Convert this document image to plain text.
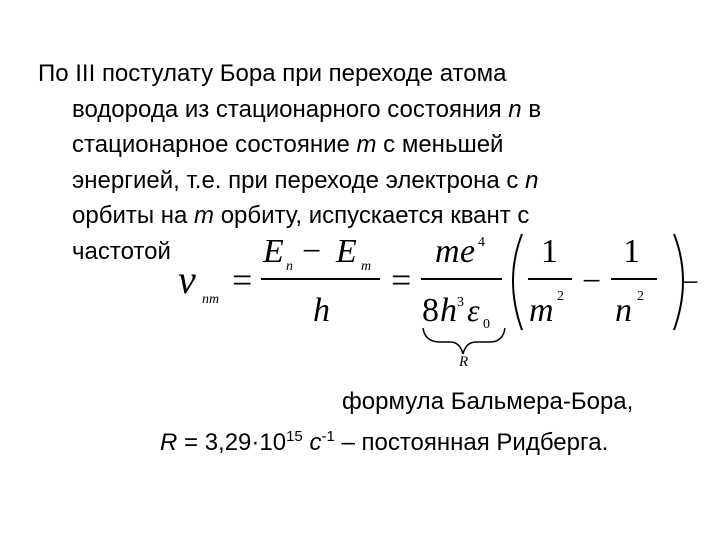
По III постулату Бора при переходе атома
водорода из стационарного состояния n в
стационарное состояние m с меньшей
энергией, т.е. при переходе электрона с n
орбиты на m орбиту, испускается квант с
частотой
ν nm =
E n − E m
h
=
m e 4
8 h 3 ε 0
1
m 2 −
1
n 2 −
R
формула Бальмера-Бора,
$R = 3,29\cdot 10^{15}$ $с^{-1}$ – постоянная Ридберга.
